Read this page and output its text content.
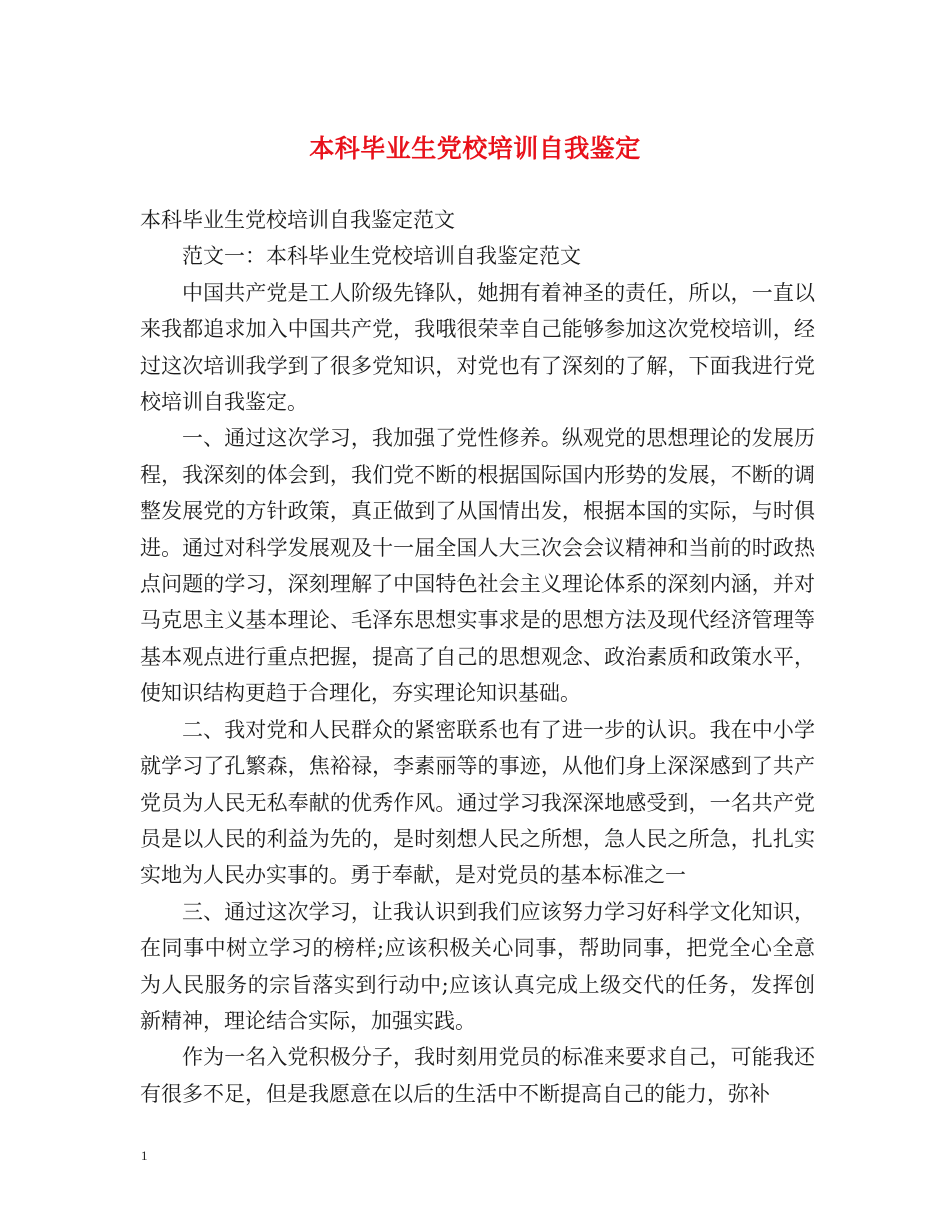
本科毕业生党校培训自我鉴定

本科毕业生党校培训自我鉴定范文

范文一：本科毕业生党校培训自我鉴定范文

中国共产党是工人阶级先锋队，她拥有着神圣的责任，所以，一直以来我都追求加入中国共产党，我哦很荣幸自己能够参加这次党校培训，经过这次培训我学到了很多党知识，对党也有了深刻的了解，下面我进行党校培训自我鉴定。

一、通过这次学习，我加强了党性修养。纵观党的思想理论的发展历程，我深刻的体会到，我们党不断的根据国际国内形势的发展，不断的调整发展党的方针政策，真正做到了从国情出发，根据本国的实际，与时俱进。通过对科学发展观及十一届全国人大三次会会议精神和当前的时政热点问题的学习，深刻理解了中国特色社会主义理论体系的深刻内涵，并对马克思主义基本理论、毛泽东思想实事求是的思想方法及现代经济管理等基本观点进行重点把握，提高了自己的思想观念、政治素质和政策水平，使知识结构更趋于合理化，夯实理论知识基础。

二、我对党和人民群众的紧密联系也有了进一步的认识。我在中小学就学习了孔繁森，焦裕禄，李素丽等的事迹，从他们身上深深感到了共产党员为人民无私奉献的优秀作风。通过学习我深深地感受到，一名共产党员是以人民的利益为先的，是时刻想人民之所想，急人民之所急，扎扎实实地为人民办实事的。勇于奉献，是对党员的基本标准之一

三、通过这次学习，让我认识到我们应该努力学习好科学文化知识，在同事中树立学习的榜样;应该积极关心同事，帮助同事，把党全心全意为人民服务的宗旨落实到行动中;应该认真完成上级交代的任务，发挥创新精神，理论结合实际，加强实践。

作为一名入党积极分子，我时刻用党员的标准来要求自己，可能我还有很多不足，但是我愿意在以后的生活中不断提高自己的能力，弥补

1
